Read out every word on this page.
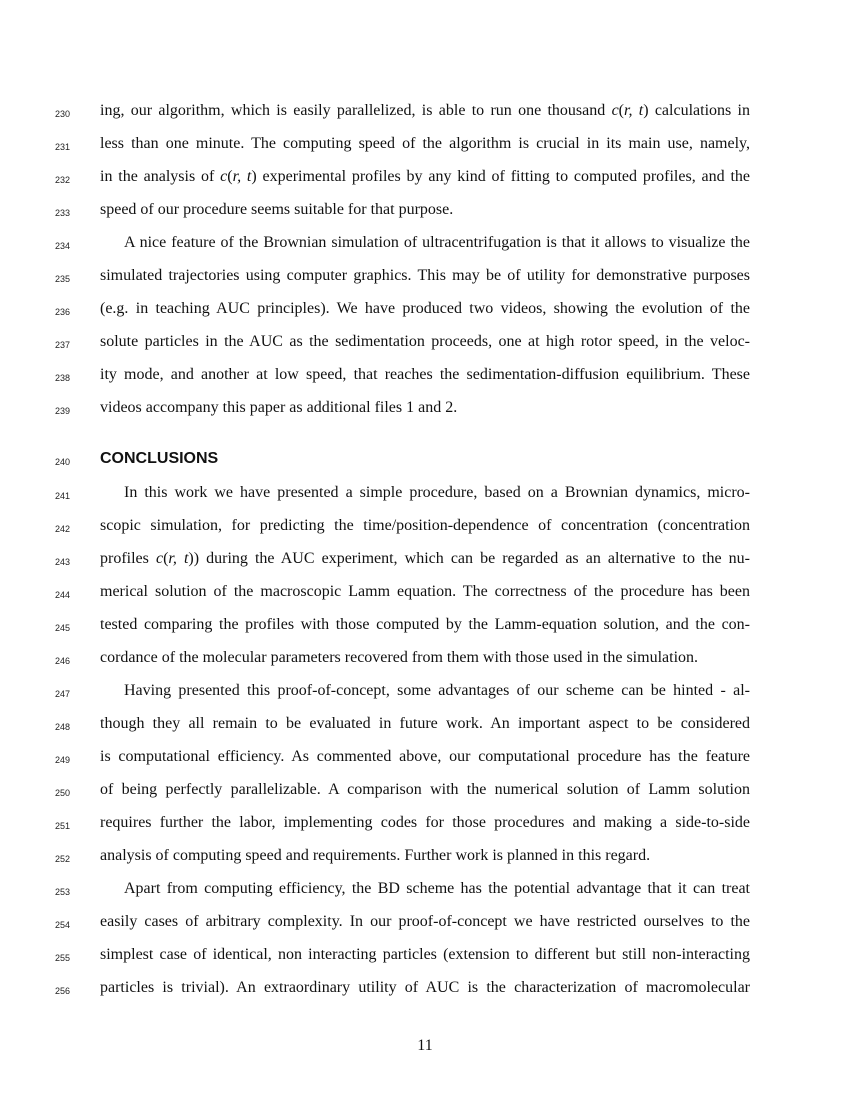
230 ing, our algorithm, which is easily parallelized, is able to run one thousand c(r, t) calculations in
231 less than one minute. The computing speed of the algorithm is crucial in its main use, namely,
232 in the analysis of c(r, t) experimental profiles by any kind of fitting to computed profiles, and the
233 speed of our procedure seems suitable for that purpose.
234	A nice feature of the Brownian simulation of ultracentrifugation is that it allows to visualize the
235 simulated trajectories using computer graphics. This may be of utility for demonstrative purposes
236 (e.g. in teaching AUC principles). We have produced two videos, showing the evolution of the
237 solute particles in the AUC as the sedimentation proceeds, one at high rotor speed, in the veloc-
238 ity mode, and another at low speed, that reaches the sedimentation-diffusion equilibrium. These
239 videos accompany this paper as additional files 1 and 2.
240 CONCLUSIONS
241	In this work we have presented a simple procedure, based on a Brownian dynamics, micro-
242 scopic simulation, for predicting the time/position-dependence of concentration (concentration
243 profiles c(r, t)) during the AUC experiment, which can be regarded as an alternative to the nu-
244 merical solution of the macroscopic Lamm equation. The correctness of the procedure has been
245 tested comparing the profiles with those computed by the Lamm-equation solution, and the con-
246 cordance of the molecular parameters recovered from them with those used in the simulation.
247	Having presented this proof-of-concept, some advantages of our scheme can be hinted - al-
248 though they all remain to be evaluated in future work. An important aspect to be considered
249 is computational efficiency. As commented above, our computational procedure has the feature
250 of being perfectly parallelizable. A comparison with the numerical solution of Lamm solution
251 requires further the labor, implementing codes for those procedures and making a side-to-side
252 analysis of computing speed and requirements. Further work is planned in this regard.
253	Apart from computing efficiency, the BD scheme has the potential advantage that it can treat
254 easily cases of arbitrary complexity. In our proof-of-concept we have restricted ourselves to the
255 simplest case of identical, non interacting particles (extension to different but still non-interacting
256 particles is trivial). An extraordinary utility of AUC is the characterization of macromolecular
11
